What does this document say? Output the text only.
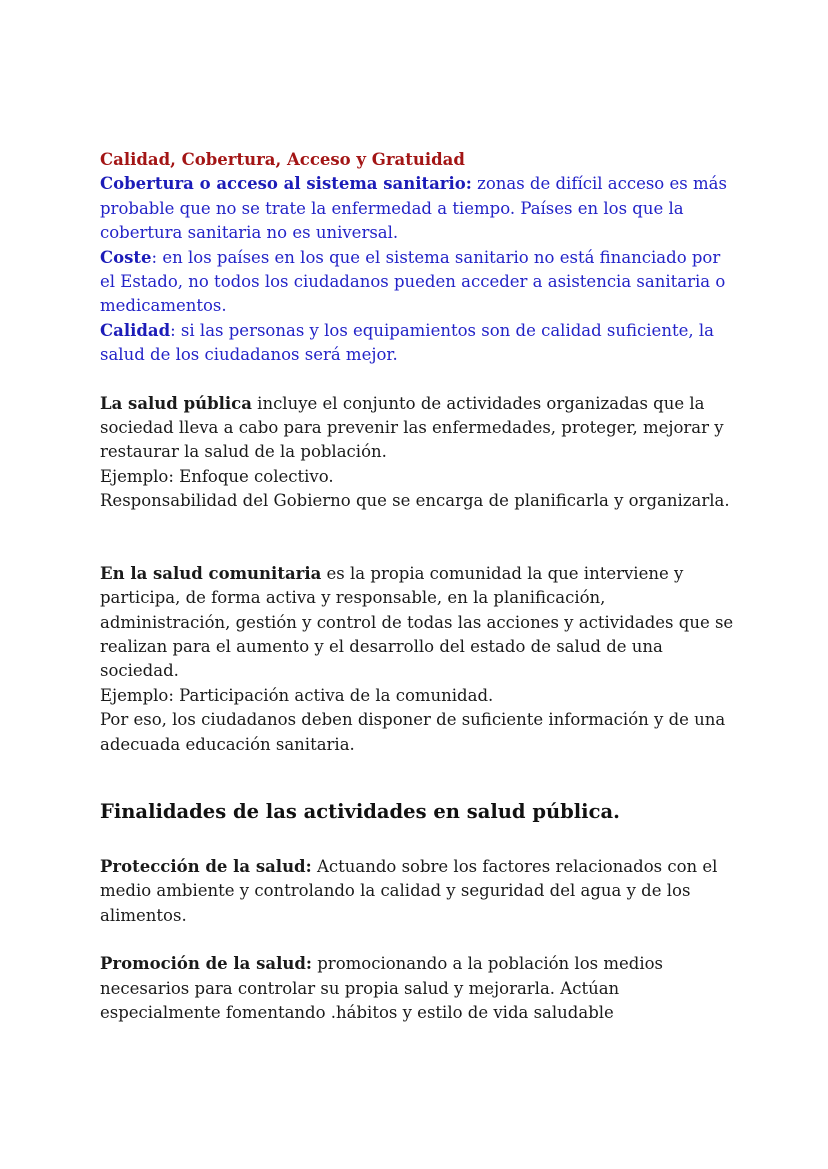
Calidad, Cobertura, Acceso y Gratuidad

Cobertura o acceso al sistema sanitario: zonas de difícil acceso es más probable que no se trate la enfermedad a tiempo. Países en los que la cobertura sanitaria no es universal.

Coste: en los países en los que el sistema sanitario no está financiado por el Estado, no todos los ciudadanos pueden acceder a asistencia sanitaria o medicamentos.

Calidad: si las personas y los equipamientos son de calidad suficiente, la salud de los ciudadanos será mejor.

La salud pública incluye el conjunto de actividades organizadas que la sociedad lleva a cabo para prevenir las enfermedades, proteger, mejorar y restaurar la salud de la población.

Ejemplo: Enfoque colectivo.

Responsabilidad del Gobierno que se encarga de planificarla y organizarla.

En la salud comunitaria es la propia comunidad la que interviene y participa, de forma activa y responsable, en la planificación, administración, gestión y control de todas las acciones y actividades que se realizan para el aumento y el desarrollo del estado de salud de una sociedad.

Ejemplo: Participación activa de la comunidad.

Por eso, los ciudadanos deben disponer de suficiente información y de una adecuada educación sanitaria.

Finalidades de las actividades en salud pública.

Protección de la salud: Actuando sobre los factores relacionados con el medio ambiente y controlando la calidad y seguridad del agua y de los alimentos.

Promoción de la salud: promocionando a la población los medios necesarios para controlar su propia salud y mejorarla. Actúan especialmente fomentando .hábitos y estilo de vida saludable
